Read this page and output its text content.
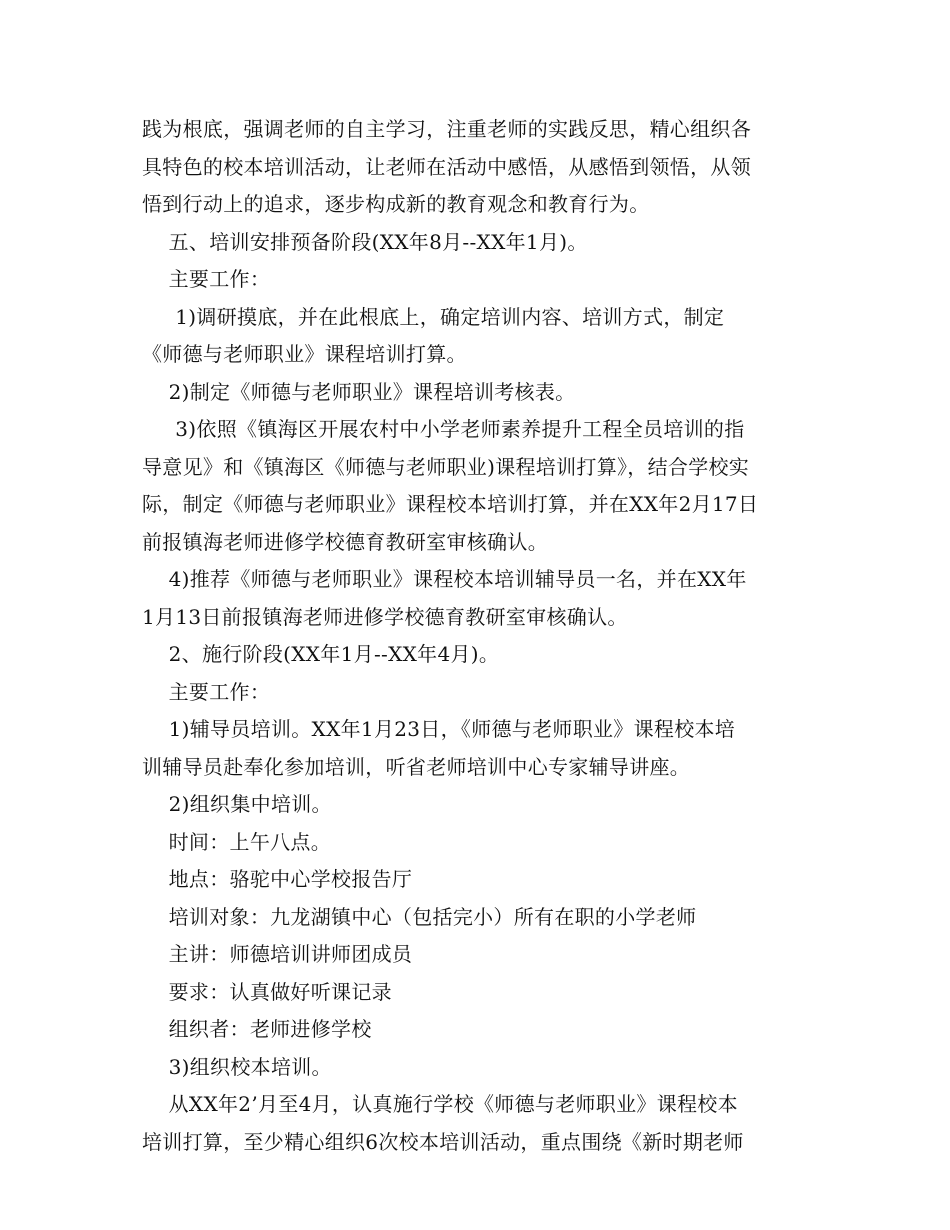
践为根底，强调老师的自主学习，注重老师的实践反思，精心组织各
具特色的校本培训活动，让老师在活动中感悟，从感悟到领悟，从领
悟到行动上的追求，逐步构成新的教育观念和教育行为。
五、培训安排预备阶段(XX年8月--XX年1月)。
主要工作：
1)调研摸底，并在此根底上，确定培训内容、培训方式，制定
《师德与老师职业》课程培训打算。
2)制定《师德与老师职业》课程培训考核表。
3)依照《镇海区开展农村中小学老师素养提升工程全员培训的指
导意见》和《镇海区《师德与老师职业)课程培训打算》，结合学校实
际，制定《师德与老师职业》课程校本培训打算，并在XX年2月17日
前报镇海老师进修学校德育教研室审核确认。
4)推荐《师德与老师职业》课程校本培训辅导员一名，并在XX年
1月13日前报镇海老师进修学校德育教研室审核确认。
2、施行阶段(XX年1月--XX年4月)。
主要工作：
1)辅导员培训。XX年1月23日，《师德与老师职业》课程校本培
训辅导员赴奉化参加培训，听省老师培训中心专家辅导讲座。
2)组织集中培训。
时间：上午八点。
地点：骆驼中心学校报告厅
培训对象：九龙湖镇中心（包括完小）所有在职的小学老师
主讲：师德培训讲师团成员
要求：认真做好听课记录
组织者：老师进修学校
3)组织校本培训。
从XX年2’月至4月，认真施行学校《师德与老师职业》课程校本
培训打算，至少精心组织6次校本培训活动，重点围绕《新时期老师
